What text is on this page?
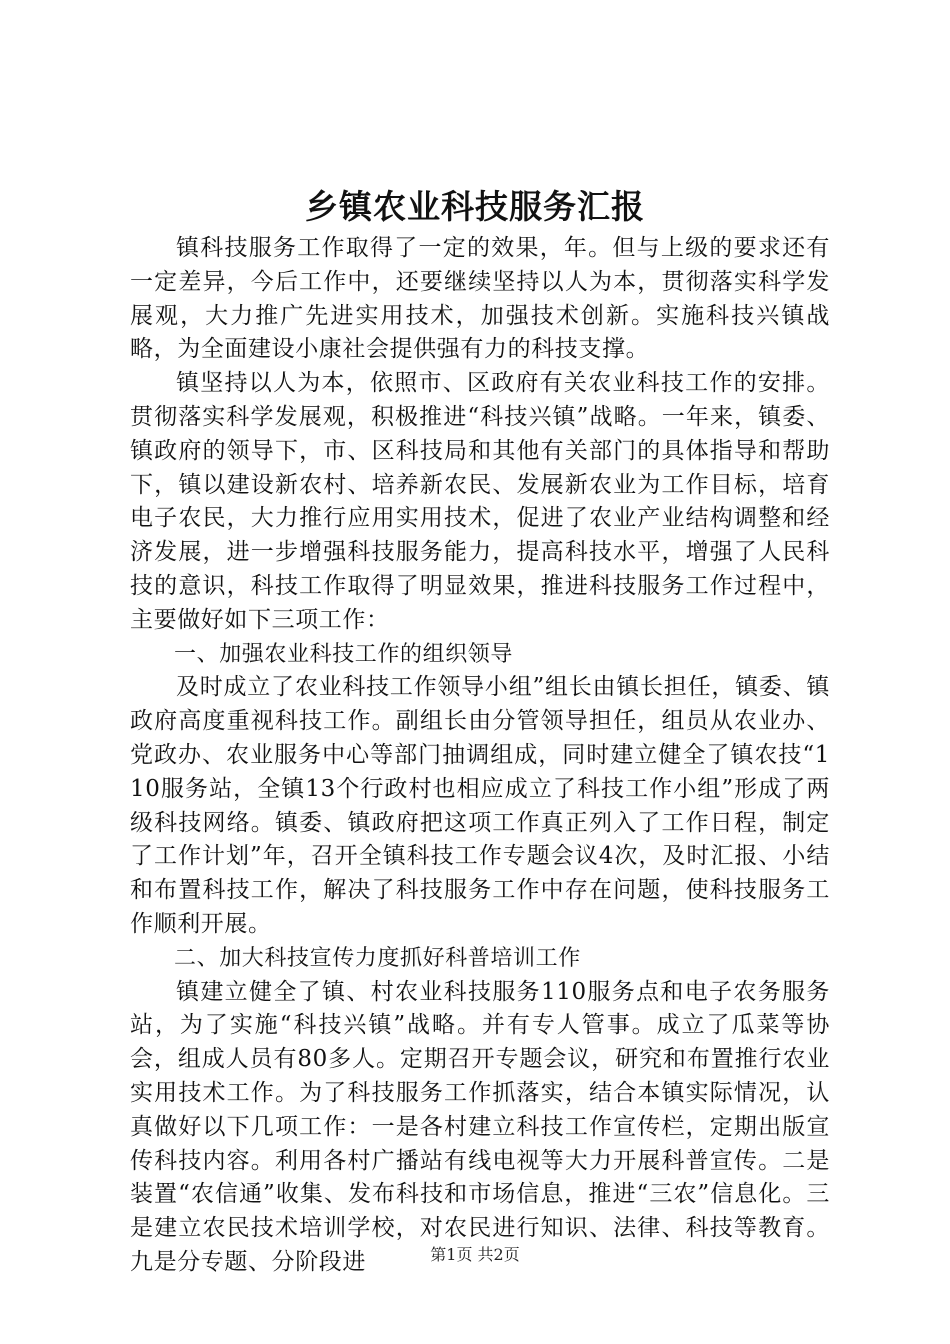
乡镇农业科技服务汇报

镇科技服务工作取得了一定的效果，年。但与上级的要求还有一定差异，今后工作中，还要继续坚持以人为本，贯彻落实科学发展观，大力推广先进实用技术，加强技术创新。实施科技兴镇战略，为全面建设小康社会提供强有力的科技支撑。

镇坚持以人为本，依照市、区政府有关农业科技工作的安排。贯彻落实科学发展观，积极推进“科技兴镇”战略。一年来，镇委、镇政府的领导下，市、区科技局和其他有关部门的具体指导和帮助下，镇以建设新农村、培养新农民、发展新农业为工作目标，培育电子农民，大力推行应用实用技术，促进了农业产业结构调整和经济发展，进一步增强科技服务能力，提高科技水平，增强了人民科技的意识，科技工作取得了明显效果，推进科技服务工作过程中，主要做好如下三项工作：

一、加强农业科技工作的组织领导

及时成立了农业科技工作领导小组”组长由镇长担任，镇委、镇政府高度重视科技工作。副组长由分管领导担任，组员从农业办、党政办、农业服务中心等部门抽调组成，同时建立健全了镇农技“110服务站，全镇13个行政村也相应成立了科技工作小组”形成了两级科技网络。镇委、镇政府把这项工作真正列入了工作日程，制定了工作计划”年，召开全镇科技工作专题会议4次，及时汇报、小结和布置科技工作，解决了科技服务工作中存在问题，使科技服务工作顺利开展。

二、加大科技宣传力度抓好科普培训工作

镇建立健全了镇、村农业科技服务110服务点和电子农务服务站，为了实施“科技兴镇”战略。并有专人管事。成立了瓜菜等协会，组成人员有80多人。定期召开专题会议，研究和布置推行农业实用技术工作。为了科技服务工作抓落实，结合本镇实际情况，认真做好以下几项工作：一是各村建立科技工作宣传栏，定期出版宣传科技内容。利用各村广播站有线电视等大力开展科普宣传。二是装置“农信通”收集、发布科技和市场信息，推进“三农”信息化。三是建立农民技术培训学校，对农民进行知识、法律、科技等教育。九是分专题、分阶段进	第1页 共2页
